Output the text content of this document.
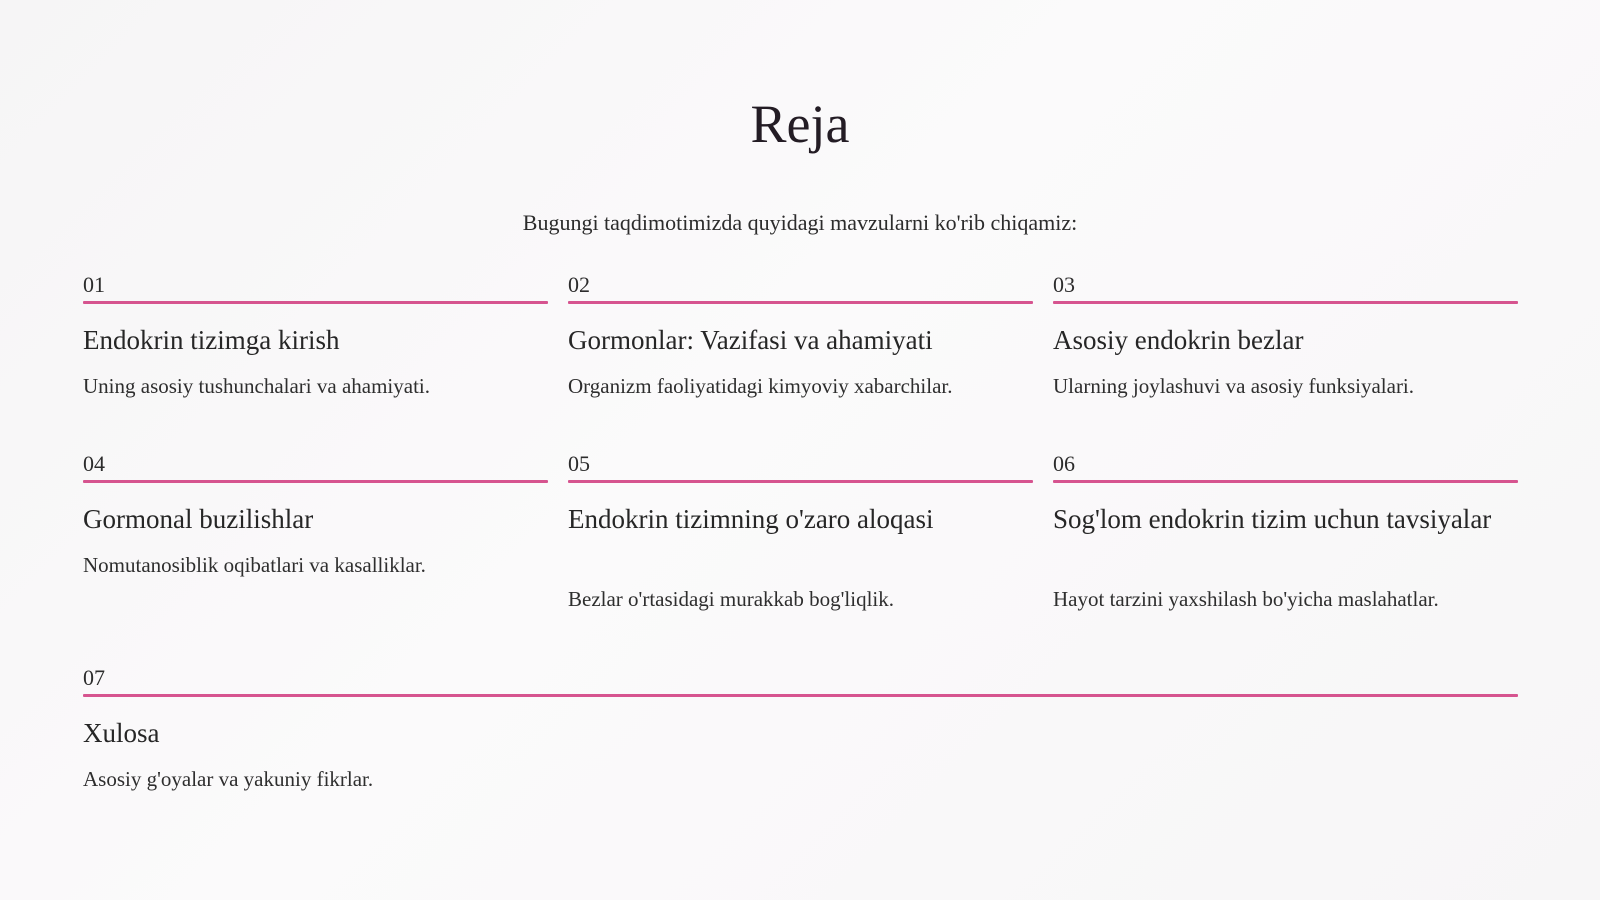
Reja

Bugungi taqdimotimizda quyidagi mavzularni ko'rib chiqamiz:

01
Endokrin tizimga kirish
Uning asosiy tushunchalari va ahamiyati.
02
Gormonlar: Vazifasi va ahamiyati
Organizm faoliyatidagi kimyoviy xabarchilar.
03
Asosiy endokrin bezlar
Ularning joylashuvi va asosiy funksiyalari.
04
Gormonal buzilishlar
Nomutanosiblik oqibatlari va kasalliklar.
05
Endokrin tizimning o'zaro aloqasi
Bezlar o'rtasidagi murakkab bog'liqlik.
06
Sog'lom endokrin tizim uchun tavsiyalar
Hayot tarzini yaxshilash bo'yicha maslahatlar.
07
Xulosa
Asosiy g'oyalar va yakuniy fikrlar.
